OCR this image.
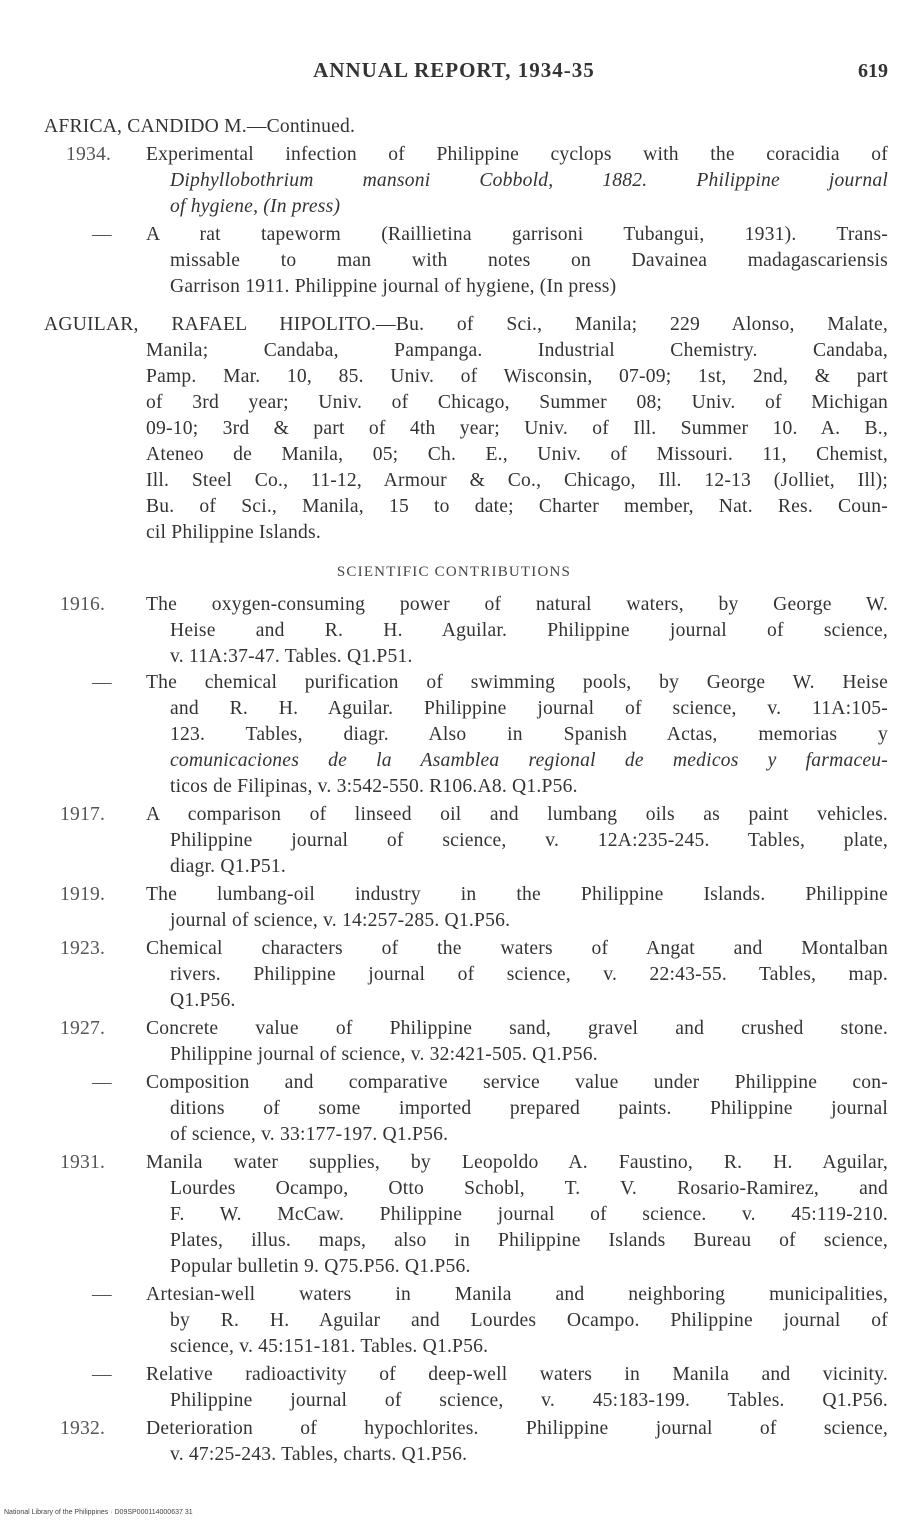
ANNUAL REPORT, 1934-35	619
AFRICA, CANDIDO M.—Continued.
1934. Experimental infection of Philippine cyclops with the coracidia of
Diphyllobothrium mansoni Cobbold, 1882. Philippine journal
of hygiene, (In press)
— A rat tapeworm (Raillietina garrisoni Tubangui, 1931). Trans-
missable to man with notes on Davainea madagascariensis
Garrison 1911. Philippine journal of hygiene, (In press)
AGUILAR, RAFAEL HIPOLITO.—Bu. of Sci., Manila; 229 Alonso, Malate,
Manila; Candaba, Pampanga. Industrial Chemistry. Candaba,
Pamp. Mar. 10, 85. Univ. of Wisconsin, 07-09; 1st, 2nd, & part
of 3rd year; Univ. of Chicago, Summer 08; Univ. of Michigan
09-10; 3rd & part of 4th year; Univ. of Ill. Summer 10. A. B.,
Ateneo de Manila, 05; Ch. E., Univ. of Missouri. 11, Chemist,
Ill. Steel Co., 11-12, Armour & Co., Chicago, Ill. 12-13 (Jolliet, Ill);
Bu. of Sci., Manila, 15 to date; Charter member, Nat. Res. Coun-
cil Philippine Islands.
SCIENTIFIC CONTRIBUTIONS
1916. The oxygen-consuming power of natural waters, by George W.
Heise and R. H. Aguilar. Philippine journal of science,
v. 11A:37-47. Tables. Q1.P51.
— The chemical purification of swimming pools, by George W. Heise
and R. H. Aguilar. Philippine journal of science, v. 11A:105-
123. Tables, diagr. Also in Spanish Actas, memorias y
comunicaciones de la Asamblea regional de medicos y farmaceu-
ticos de Filipinas, v. 3:542-550. R106.A8. Q1.P56.
1917. A comparison of linseed oil and lumbang oils as paint vehicles.
Philippine journal of science, v. 12A:235-245. Tables, plate,
diagr. Q1.P51.
1919. The lumbang-oil industry in the Philippine Islands. Philippine
journal of science, v. 14:257-285. Q1.P56.
1923. Chemical characters of the waters of Angat and Montalban
rivers. Philippine journal of science, v. 22:43-55. Tables, map.
Q1.P56.
1927. Concrete value of Philippine sand, gravel and crushed stone.
Philippine journal of science, v. 32:421-505. Q1.P56.
— Composition and comparative service value under Philippine con-
ditions of some imported prepared paints. Philippine journal
of science, v. 33:177-197. Q1.P56.
1931. Manila water supplies, by Leopoldo A. Faustino, R. H. Aguilar,
Lourdes Ocampo, Otto Schobl, T. V. Rosario-Ramirez, and
F. W. McCaw. Philippine journal of science. v. 45:119-210.
Plates, illus. maps, also in Philippine Islands Bureau of science,
Popular bulletin 9. Q75.P56. Q1.P56.
— Artesian-well waters in Manila and neighboring municipalities,
by R. H. Aguilar and Lourdes Ocampo. Philippine journal of
science, v. 45:151-181. Tables. Q1.P56.
— Relative radioactivity of deep-well waters in Manila and vicinity.
Philippine journal of science, v. 45:183-199. Tables. Q1.P56.
1932. Deterioration of hypochlorites. Philippine journal of science,
v. 47:25-243. Tables, charts. Q1.P56.
National Library of the Philippines · D09SP000114000637 31
